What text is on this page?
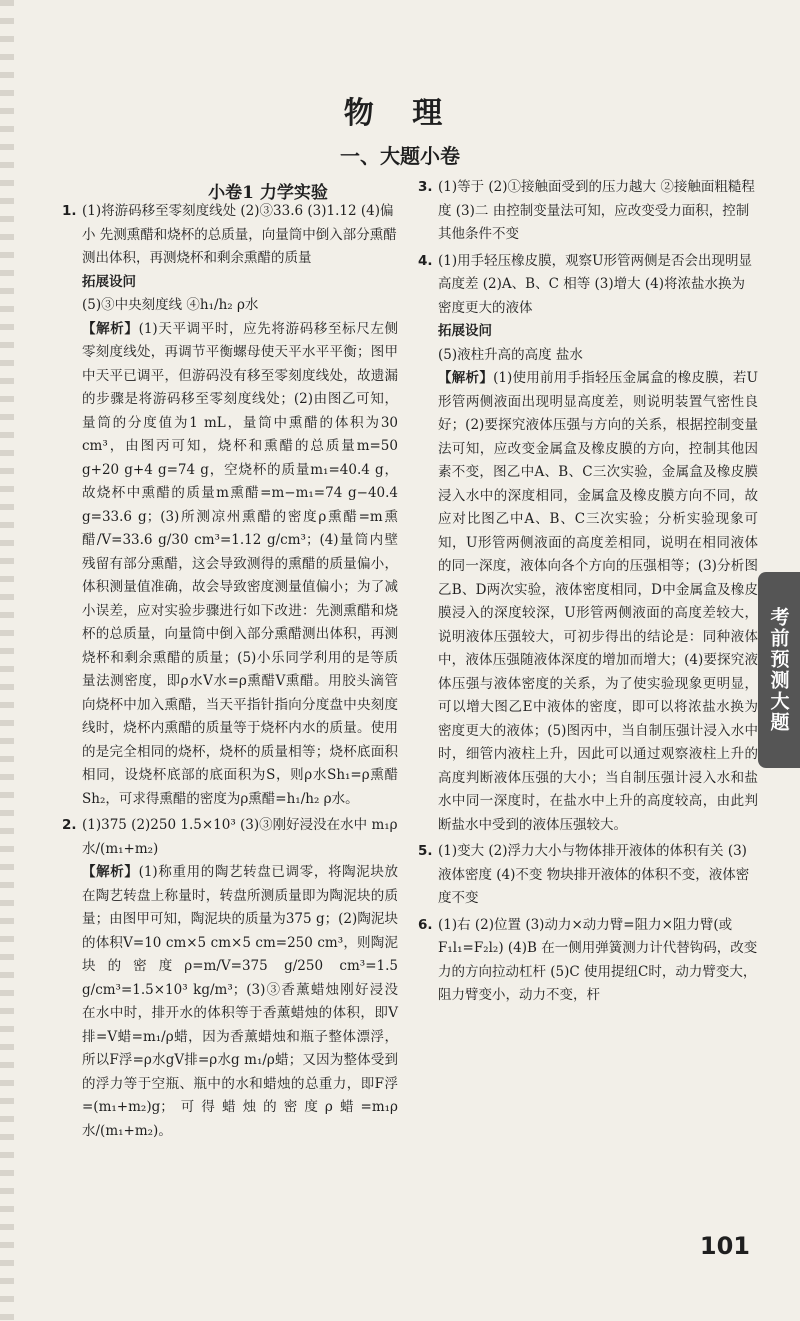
物 理
一、大题小卷
小卷1 力学实验
1. (1)将游码移至零刻度线处 (2)③33.6 (3)1.12 (4)偏小 先测熏醋和烧杯的总质量，向量筒中倒入部分熏醋测出体积，再测烧杯和剩余熏醋的质量
拓展设问
(5)③中央刻度线 ④h₁/h₂ ρ水
【解析】(1)天平调平时，应先将游码移至标尺左侧零刻度线处，再调节平衡螺母使天平水平平衡；图甲中天平已调平，但游码没有移至零刻度线处，故遗漏的步骤是将游码移至零刻度线处；(2)由图乙可知，量筒的分度值为1 mL，量筒中熏醋的体积为30 cm³，由图丙可知，烧杯和熏醋的总质量m=50 g+20 g+4 g=74 g，空烧杯的质量m₁=40.4 g，故烧杯中熏醋的质量m熏醋=m−m₁=74 g−40.4 g=33.6 g；(3)所测凉州熏醋的密度ρ熏醋=m熏醋/V=33.6 g/30 cm³=1.12 g/cm³；(4)量筒内壁残留有部分熏醋，这会导致测得的熏醋的质量偏小，体积测量值准确，故会导致密度测量值偏小；为了减小误差，应对实验步骤进行如下改进：先测熏醋和烧杯的总质量，向量筒中倒入部分熏醋测出体积，再测烧杯和剩余熏醋的质量；(5)小乐同学利用的是等质量法测密度，即ρ水V水=ρ熏醋V熏醋。用胶头滴管向烧杯中加入熏醋，当天平指针指向分度盘中央刻度线时，烧杯内熏醋的质量等于烧杯内水的质量。使用的是完全相同的烧杯，烧杯的质量相等；烧杯底面积相同，设烧杯底部的底面积为S，则ρ水Sh₁=ρ熏醋Sh₂，可求得熏醋的密度为ρ熏醋=h₁/h₂ ρ水。
2. (1)375 (2)250 1.5×10³ (3)③刚好浸没在水中 m₁ρ水/(m₁+m₂)
【解析】(1)称重用的陶艺转盘已调零，将陶泥块放在陶艺转盘上称量时，转盘所测质量即为陶泥块的质量；由图甲可知，陶泥块的质量为375 g；(2)陶泥块的体积V=10 cm×5 cm×5 cm=250 cm³，则陶泥块的密度ρ=m/V=375 g/250 cm³=1.5 g/cm³=1.5×10³ kg/m³；(3)③香薰蜡烛刚好浸没在水中时，排开水的体积等于香薰蜡烛的体积，即V排=V蜡=m₁/ρ蜡，因为香薰蜡烛和瓶子整体漂浮，所以F浮=ρ水gV排=ρ水g m₁/ρ蜡；又因为整体受到的浮力等于空瓶、瓶中的水和蜡烛的总重力，即F浮=(m₁+m₂)g；可得蜡烛的密度ρ蜡=m₁ρ水/(m₁+m₂)。
3. (1)等于 (2)①接触面受到的压力越大 ②接触面粗糙程度 (3)二 由控制变量法可知，应改变受力面积，控制其他条件不变
4. (1)用手轻压橡皮膜，观察U形管两侧是否会出现明显高度差 (2)A、B、C 相等 (3)增大 (4)将浓盐水换为密度更大的液体
拓展设问
(5)液柱升高的高度 盐水
【解析】(1)使用前用手指轻压金属盒的橡皮膜，若U形管两侧液面出现明显高度差，则说明装置气密性良好；(2)要探究液体压强与方向的关系，根据控制变量法可知，应改变金属盒及橡皮膜的方向，控制其他因素不变，图乙中A、B、C三次实验，金属盒及橡皮膜浸入水中的深度相同，金属盒及橡皮膜方向不同，故应对比图乙中A、B、C三次实验；分析实验现象可知，U形管两侧液面的高度差相同，说明在相同液体的同一深度，液体向各个方向的压强相等；(3)分析图乙B、D两次实验，液体密度相同，D中金属盒及橡皮膜浸入的深度较深，U形管两侧液面的高度差较大，说明液体压强较大，可初步得出的结论是：同种液体中，液体压强随液体深度的增加而增大；(4)要探究液体压强与液体密度的关系，为了使实验现象更明显，可以增大图乙E中液体的密度，即可以将浓盐水换为密度更大的液体；(5)图丙中，当自制压强计浸入水中时，细管内液柱上升，因此可以通过观察液柱上升的高度判断液体压强的大小；当自制压强计浸入水和盐水中同一深度时，在盐水中上升的高度较高，由此判断盐水中受到的液体压强较大。
5. (1)变大 (2)浮力大小与物体排开液体的体积有关 (3)液体密度 (4)不变 物块排开液体的体积不变，液体密度不变
6. (1)右 (2)位置 (3)动力×动力臂=阻力×阻力臂(或F₁l₁=F₂l₂) (4)B 在一侧用弹簧测力计代替钩码，改变力的方向拉动杠杆 (5)C 使用提纽C时，动力臂变大，阻力臂变小，动力不变，杆
考前预测大题
101
